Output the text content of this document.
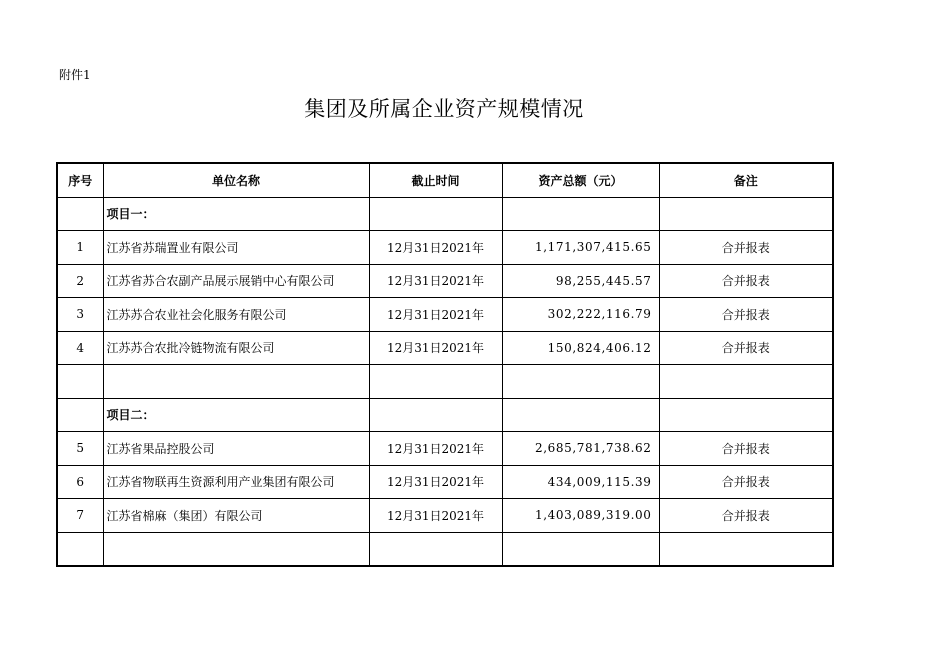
附件1
集团及所属企业资产规模情况
序号	单位名称	截止时间	资产总额（元）	备注
	项目一：			
1	江苏省苏瑞置业有限公司	12月31日2021年	1,171,307,415.65	合并报表
2	江苏省苏合农副产品展示展销中心有限公司	12月31日2021年	98,255,445.57	合并报表
3	江苏苏合农业社会化服务有限公司	12月31日2021年	302,222,116.79	合并报表
4	江苏苏合农批冷链物流有限公司	12月31日2021年	150,824,406.12	合并报表

	项目二：			
5	江苏省果品控股公司	12月31日2021年	2,685,781,738.62	合并报表
6	江苏省物联再生资源利用产业集团有限公司	12月31日2021年	434,009,115.39	合并报表
7	江苏省棉麻（集团）有限公司	12月31日2021年	1,403,089,319.00	合并报表
